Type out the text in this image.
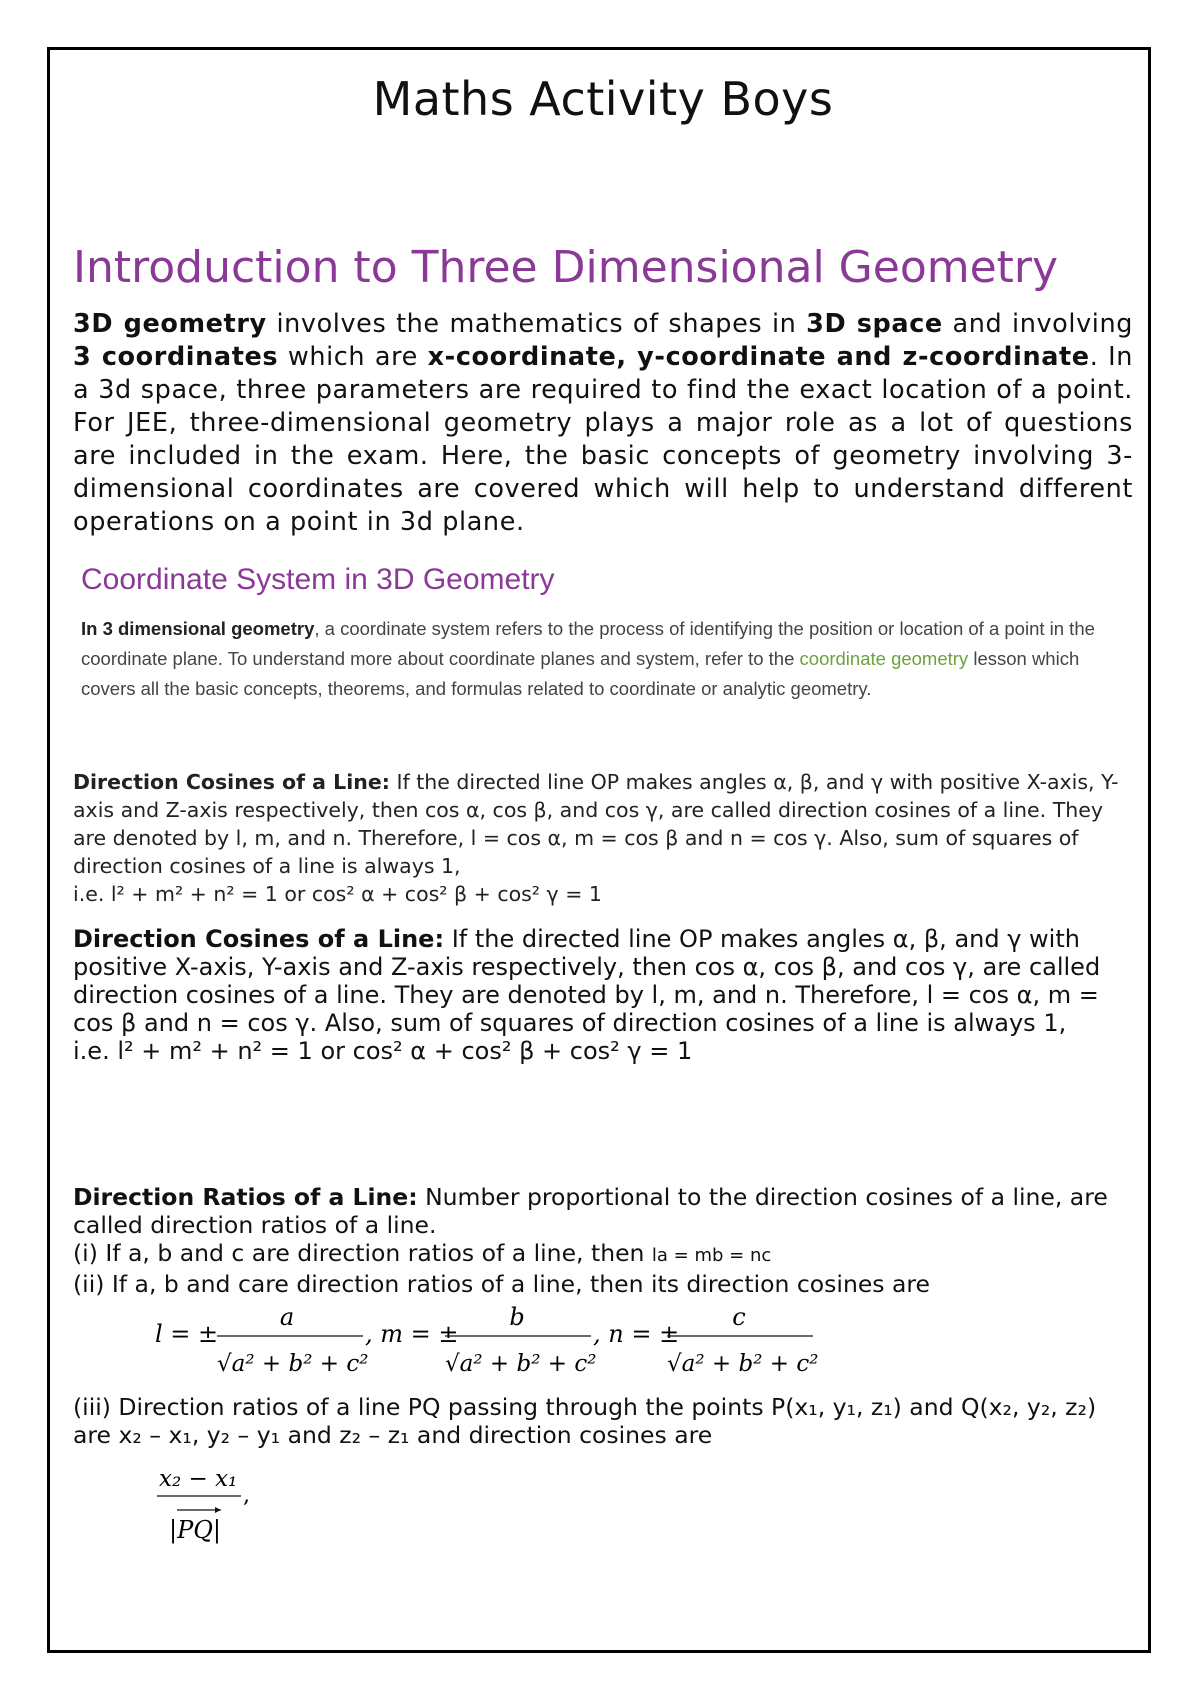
Maths Activity Boys
Introduction to Three Dimensional Geometry
3D geometry involves the mathematics of shapes in 3D space and involving 3 coordinates which are x-coordinate, y-coordinate and z-coordinate. In a 3d space, three parameters are required to find the exact location of a point. For JEE, three-dimensional geometry plays a major role as a lot of questions are included in the exam. Here, the basic concepts of geometry involving 3-dimensional coordinates are covered which will help to understand different operations on a point in 3d plane.
Coordinate System in 3D Geometry
In 3 dimensional geometry, a coordinate system refers to the process of identifying the position or location of a point in the coordinate plane. To understand more about coordinate planes and system, refer to the coordinate geometry lesson which covers all the basic concepts, theorems, and formulas related to coordinate or analytic geometry.
Direction Cosines of a Line: If the directed line OP makes angles α, β, and γ with positive X-axis, Y-axis and Z-axis respectively, then cos α, cos β, and cos γ, are called direction cosines of a line. They are denoted by l, m, and n. Therefore, l = cos α, m = cos β and n = cos γ. Also, sum of squares of direction cosines of a line is always 1,
i.e. l² + m² + n² = 1 or cos² α + cos² β + cos² γ = 1
Direction Cosines of a Line: If the directed line OP makes angles α, β, and γ with positive X-axis, Y-axis and Z-axis respectively, then cos α, cos β, and cos γ, are called direction cosines of a line. They are denoted by l, m, and n. Therefore, l = cos α, m = cos β and n = cos γ. Also, sum of squares of direction cosines of a line is always 1,
i.e. l² + m² + n² = 1 or cos² α + cos² β + cos² γ = 1
Direction Ratios of a Line: Number proportional to the direction cosines of a line, are called direction ratios of a line.
(i) If a, b and c are direction ratios of a line, then la = mb = nc
(ii) If a, b and care direction ratios of a line, then its direction cosines are
l = ±
a
√a² + b² + c²
, m = ±
b
√a² + b² + c²
, n = ±
c
√a² + b² + c²
(iii) Direction ratios of a line PQ passing through the points P(x₁, y₁, z₁) and Q(x₂, y₂, z₂) are x₂ – x₁, y₂ – y₁ and z₂ – z₁ and direction cosines are
x₂ − x₁
,
|PQ|
